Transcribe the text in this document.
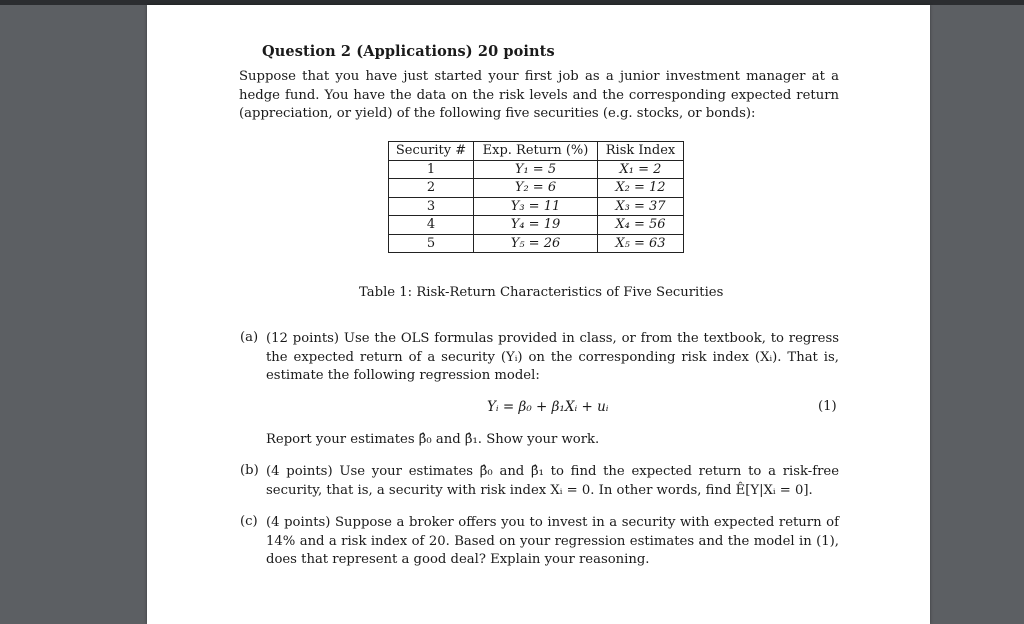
Question 2 (Applications) 20 points
Suppose that you have just started your first job as a junior investment manager at a hedge fund. You have the data on the risk levels and the corresponding expected return (appreciation, or yield) of the following five securities (e.g. stocks, or bonds):
Security #	Exp. Return (%)	Risk Index
1	Y₁ = 5	X₁ = 2
2	Y₂ = 6	X₂ = 12
3	Y₃ = 11	X₃ = 37
4	Y₄ = 19	X₄ = 56
5	Y₅ = 26	X₅ = 63
Table 1: Risk-Return Characteristics of Five Securities
(a) (12 points) Use the OLS formulas provided in class, or from the textbook, to regress the expected return of a security (Yᵢ) on the corresponding risk index (Xᵢ). That is, estimate the following regression model:
Yᵢ = β₀ + β₁Xᵢ + uᵢ	(1)
Report your estimates β̂₀ and β̂₁. Show your work.
(b) (4 points) Use your estimates β̂₀ and β̂₁ to find the expected return to a risk-free security, that is, a security with risk index Xᵢ = 0. In other words, find Ê[Y|Xᵢ = 0].
(c) (4 points) Suppose a broker offers you to invest in a security with expected return of 14% and a risk index of 20. Based on your regression estimates and the model in (1), does that represent a good deal? Explain your reasoning.
